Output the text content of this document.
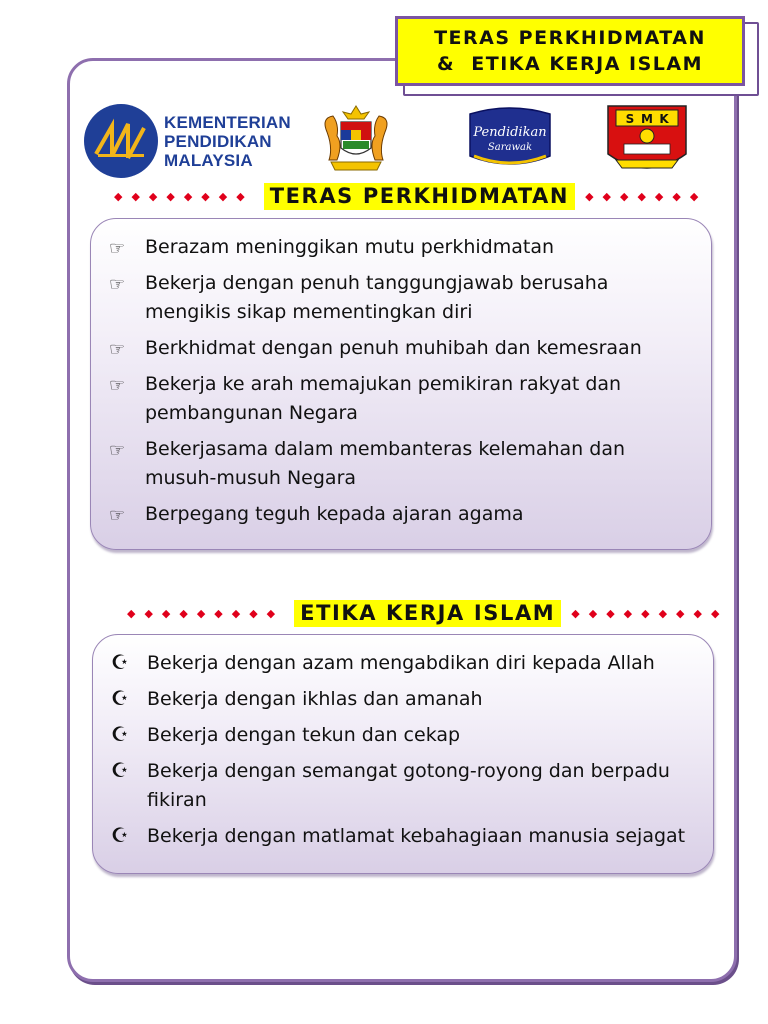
TERAS PERKHIDMATAN
&  ETIKA KERJA ISLAM
KEMENTERIAN
PENDIDIKAN
MALAYSIA
Pendidikan
Sarawak
S M K
◆◆◆◆◆◆◆◆ TERAS PERKHIDMATAN	◆◆◆◆◆◆◆
☞ Berazam meninggikan mutu perkhidmatan
☞ Bekerja dengan penuh tanggungjawab berusaha mengikis sikap mementingkan diri
☞ Berkhidmat dengan penuh muhibah dan kemesraan
☞ Bekerja ke arah memajukan pemikiran rakyat dan pembangunan Negara
☞ Bekerjasama dalam membanteras kelemahan dan musuh-musuh Negara
☞ Berpegang teguh kepada ajaran agama
◆◆◆◆◆◆◆◆◆ ETIKA KERJA ISLAM	◆◆◆◆◆◆◆◆◆
☪ Bekerja dengan azam mengabdikan diri kepada Allah
☪ Bekerja dengan ikhlas dan amanah
☪ Bekerja dengan tekun dan cekap
☪ Bekerja dengan semangat gotong-royong dan berpadu fikiran
☪ Bekerja dengan matlamat kebahagiaan manusia sejagat
